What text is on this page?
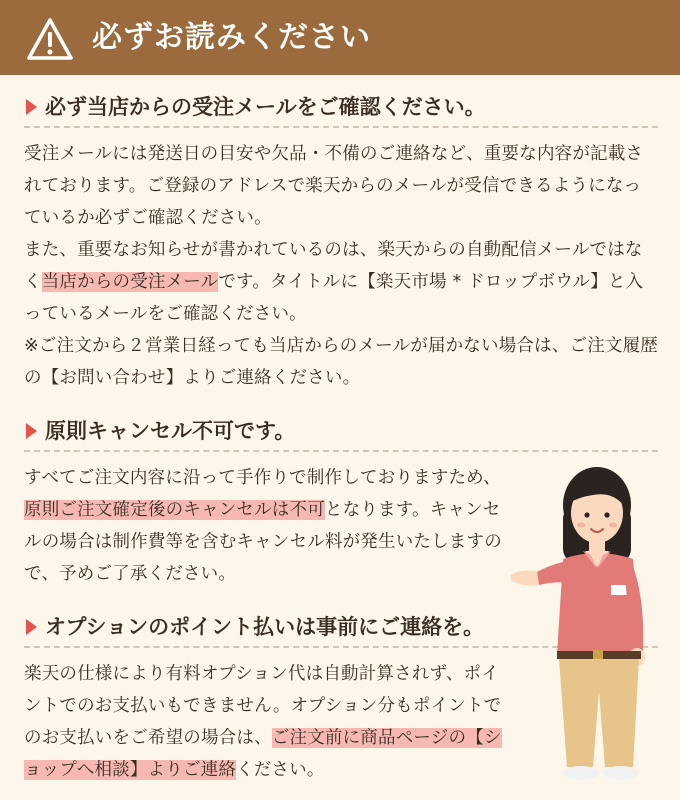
必ずお読みください
必ず当店からの受注メールをご確認ください。

受注メールには発送日の目安や欠品・不備のご連絡など、重要な内容が記載されております。ご登録のアドレスで楽天からのメールが受信できるようになっているか必ずご確認ください。

また、重要なお知らせが書かれているのは、楽天からの自動配信メールではなく当店からの受注メールです。タイトルに【楽天市場 * ドロップボウル】と入っているメールをご確認ください。

※ご注文から２営業日経っても当店からのメールが届かない場合は、ご注文履歴の【お問い合わせ】よりご連絡ください。

原則キャンセル不可です。

すべてご注文内容に沿って手作りで制作しておりますため、原則ご注文確定後のキャンセルは不可となります。キャンセルの場合は制作費等を含むキャンセル料が発生いたしますので、予めご了承ください。

オプションのポイント払いは事前にご連絡を。

楽天の仕様により有料オプション代は自動計算されず、ポイントでのお支払いもできません。オプション分もポイントでのお支払いをご希望の場合は、ご注文前に商品ページの【ショップへ相談】よりご連絡ください。
